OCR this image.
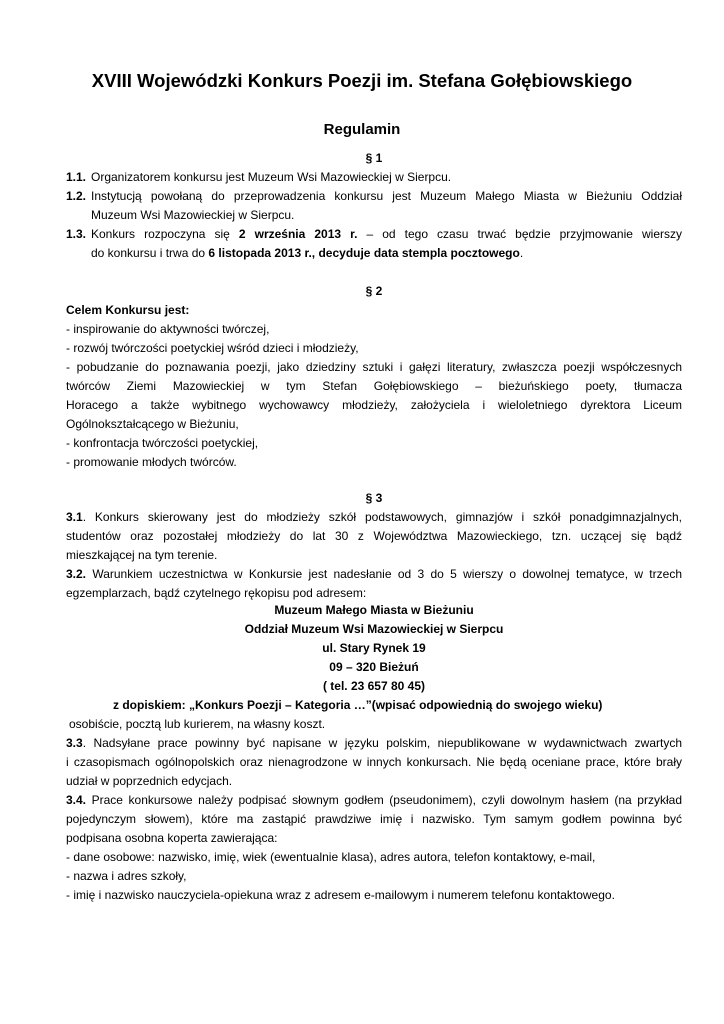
XVIII Wojewódzki Konkurs Poezji im. Stefana Gołębiowskiego
Regulamin
§ 1
1.1. Organizatorem konkursu jest Muzeum Wsi Mazowieckiej w Sierpcu.
1.2. Instytucją powołaną do przeprowadzenia konkursu jest Muzeum Małego Miasta w Bieżuniu Oddział
Muzeum Wsi Mazowieckiej w Sierpcu.
1.3. Konkurs rozpoczyna się 2 września 2013 r. – od tego czasu trwać będzie przyjmowanie wierszy
do konkursu i trwa do 6 listopada 2013 r., decyduje data stempla pocztowego.
§ 2
Celem Konkursu jest:
- inspirowanie do aktywności twórczej,
- rozwój twórczości poetyckiej wśród dzieci i młodzieży,
- pobudzanie do poznawania poezji, jako dziedziny sztuki i gałęzi literatury, zwłaszcza poezji współczesnych
twórców Ziemi Mazowieckiej w tym Stefan Gołębiowskiego – bieżuńskiego poety, tłumacza
Horacego a także wybitnego wychowawcy młodzieży, założyciela i wieloletniego dyrektora Liceum
Ogólnokształcącego w Bieżuniu,
- konfrontacja twórczości poetyckiej,
- promowanie młodych twórców.
§ 3
3.1. Konkurs skierowany jest do młodzieży szkół podstawowych, gimnazjów i szkół ponadgimnazjalnych,
studentów oraz pozostałej młodzieży do lat 30 z Województwa Mazowieckiego, tzn. uczącej się bądź
mieszkającej na tym terenie.
3.2. Warunkiem uczestnictwa w Konkursie jest nadesłanie od 3 do 5 wierszy o dowolnej tematyce, w trzech
egzemplarzach, bądź czytelnego rękopisu pod adresem:
Muzeum Małego Miasta w Bieżuniu
Oddział Muzeum Wsi Mazowieckiej w Sierpcu
ul. Stary Rynek 19
09 – 320 Bieżuń
( tel. 23 657 80 45)
z dopiskiem: „Konkurs Poezji – Kategoria …”(wpisać odpowiednią do swojego wieku)
osobiście, pocztą lub kurierem, na własny koszt.
3.3. Nadsyłane prace powinny być napisane w języku polskim, niepublikowane w wydawnictwach zwartych
i czasopismach ogólnopolskich oraz nienagrodzone w innych konkursach. Nie będą oceniane prace, które brały
udział w poprzednich edycjach.
3.4. Prace konkursowe należy podpisać słownym godłem (pseudonimem), czyli dowolnym hasłem (na przykład
pojedynczym słowem), które ma zastąpić prawdziwe imię i nazwisko. Tym samym godłem powinna być
podpisana osobna koperta zawierająca:
- dane osobowe: nazwisko, imię, wiek (ewentualnie klasa), adres autora, telefon kontaktowy, e-mail,
- nazwa i adres szkoły,
- imię i nazwisko nauczyciela-opiekuna wraz z adresem e-mailowym i numerem telefonu kontaktowego.
